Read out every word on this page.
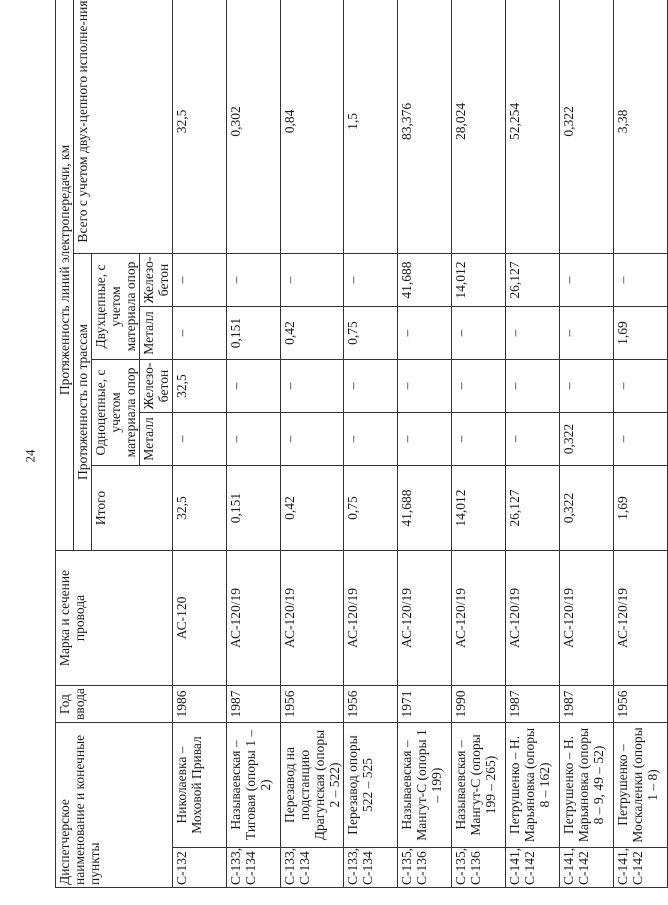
24
Диспетчерское наименование и конечные пункты		Год ввода	Марка и сечение провода	Протяженность линий электропередачи, км					
				Протяженность по трассам					Всего с учетом двух-цепного исполне-ния
				Итого	Одноцепные, с учетом материала опор		Двухцепные, с учетом материала опор		
					Металл	Железо-бетон	Металл	Железо-бетон	
С-132	Николаевка – Моховой Привал	1986	АС-120	32,5	–	32,5	–	–	32,5
С-133, С-134	Называевская – Тиговая (опоры 1 – 2)	1987	АС-120/19	0,151	–	–	0,151	–	0,302
С-133, С-134	Перезавод на подстанцию Драгунская (опоры 2 – 522)	1956	АС-120/19	0,42	–	–	0,42	–	0,84
С-133, С-134	Перезавод опоры 522 – 525	1956	АС-120/19	0,75	–	–	0,75	–	1,5
С-135, С-136	Называевская – Мангут-С (опоры 1 – 199)	1971	АС-120/19	41,688	–	–	–	41,688	83,376
С-135, С-136	Называевская – Мангут-С (опоры 199 – 265)	1990	АС-120/19	14,012	–	–	–	14,012	28,024
С-141, С-142	Петрушенко – Н. Марьяновка (опоры 8 – 162)	1987	АС-120/19	26,127	–	–	–	26,127	52,254
С-141, С-142	Петрушенко – Н. Марьяновка (опоры 8 – 9, 49 – 52)	1987	АС-120/19	0,322	0,322	–	–	–	0,322
С-141, С-142	Петрушенко – Москаленки (опоры 1 – 8)	1956	АС-120/19	1,69	–	–	1,69	–	3,38
